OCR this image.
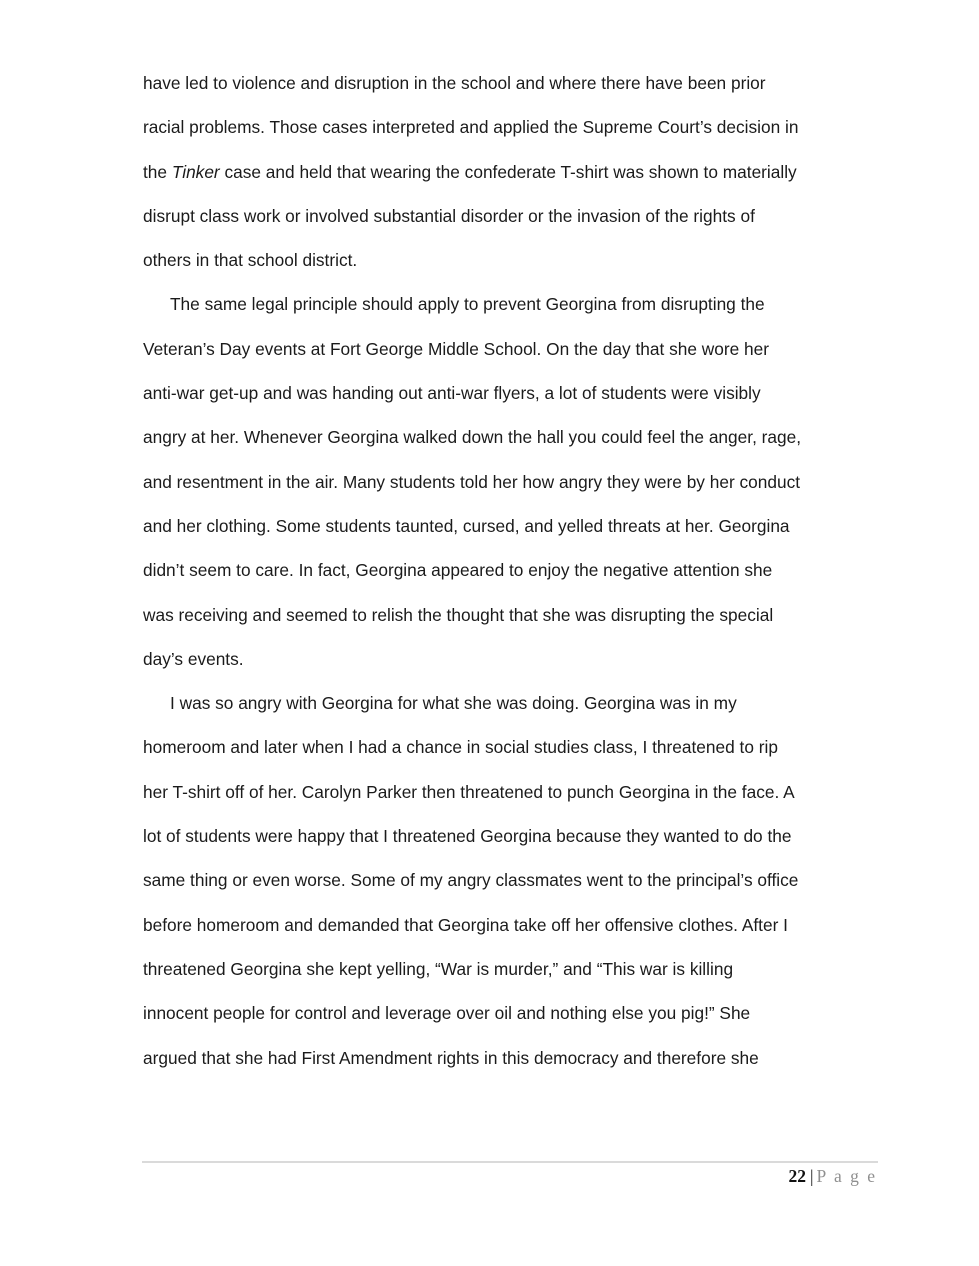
have led to violence and disruption in the school and where there have been prior
racial problems. Those cases interpreted and applied the Supreme Court’s decision in
the Tinker case and held that wearing the confederate T-shirt was shown to materially
disrupt class work or involved substantial disorder or the invasion of the rights of
others in that school district.
The same legal principle should apply to prevent Georgina from disrupting the
Veteran’s Day events at Fort George Middle School. On the day that she wore her
anti-war get-up and was handing out anti-war flyers, a lot of students were visibly
angry at her. Whenever Georgina walked down the hall you could feel the anger, rage,
and resentment in the air. Many students told her how angry they were by her conduct
and her clothing. Some students taunted, cursed, and yelled threats at her. Georgina
didn’t seem to care. In fact, Georgina appeared to enjoy the negative attention she
was receiving and seemed to relish the thought that she was disrupting the special
day’s events.
I was so angry with Georgina for what she was doing. Georgina was in my
homeroom and later when I had a chance in social studies class, I threatened to rip
her T-shirt off of her. Carolyn Parker then threatened to punch Georgina in the face. A
lot of students were happy that I threatened Georgina because they wanted to do the
same thing or even worse. Some of my angry classmates went to the principal’s office
before homeroom and demanded that Georgina take off her offensive clothes. After I
threatened Georgina she kept yelling, “War is murder,” and “This war is killing
innocent people for control and leverage over oil and nothing else you pig!” She
argued that she had First Amendment rights in this democracy and therefore she
22 | P a g e
